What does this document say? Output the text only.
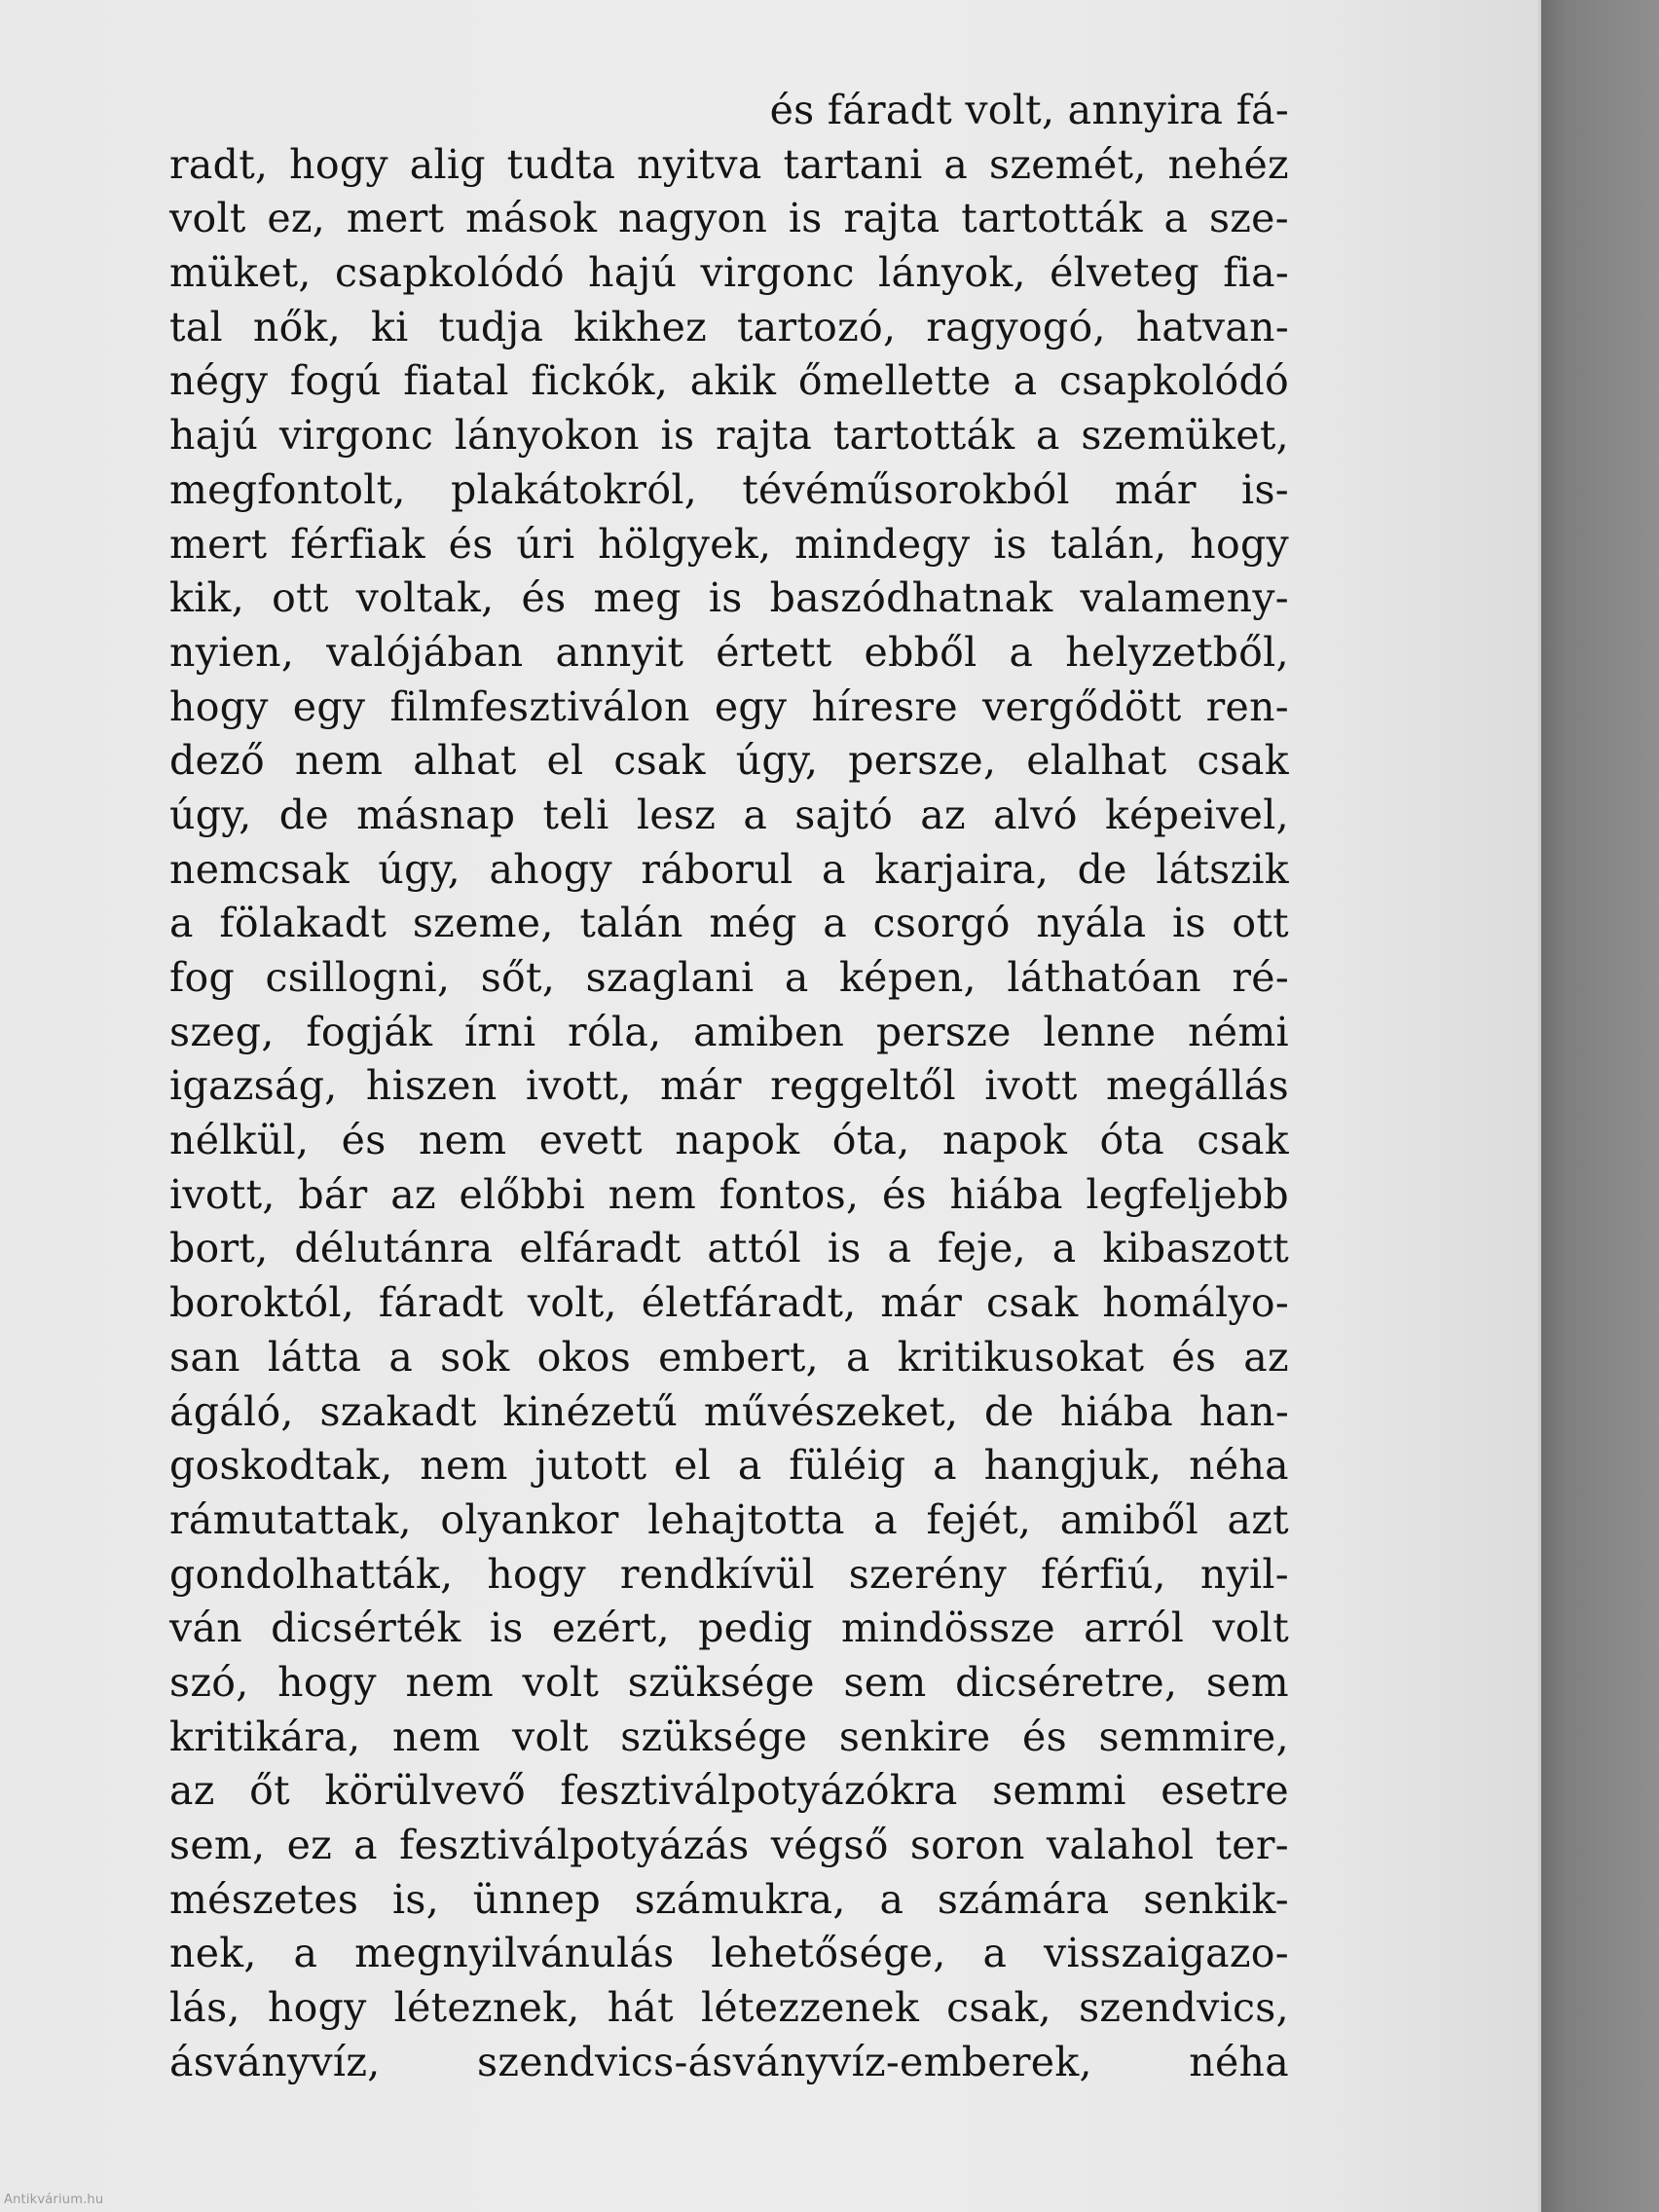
és fáradt volt, annyira fá-
radt, hogy alig tudta nyitva tartani a szemét, nehéz
volt ez, mert mások nagyon is rajta tartották a sze-
müket, csapkolódó hajú virgonc lányok, élveteg fia-
tal nők, ki tudja kikhez tartozó, ragyogó, hatvan-
négy fogú fiatal fickók, akik őmellette a csapkolódó
hajú virgonc lányokon is rajta tartották a szemüket,
megfontolt, plakátokról, tévéműsorokból már is-
mert férfiak és úri hölgyek, mindegy is talán, hogy
kik, ott voltak, és meg is baszódhatnak valameny-
nyien, valójában annyit értett ebből a helyzetből,
hogy egy filmfesztiválon egy híresre vergődött ren-
dező nem alhat el csak úgy, persze, elalhat csak
úgy, de másnap teli lesz a sajtó az alvó képeivel,
nemcsak úgy, ahogy ráborul a karjaira, de látszik
a fölakadt szeme, talán még a csorgó nyála is ott
fog csillogni, sőt, szaglani a képen, láthatóan ré-
szeg, fogják írni róla, amiben persze lenne némi
igazság, hiszen ivott, már reggeltől ivott megállás
nélkül, és nem evett napok óta, napok óta csak
ivott, bár az előbbi nem fontos, és hiába legfeljebb
bort, délutánra elfáradt attól is a feje, a kibaszott
boroktól, fáradt volt, életfáradt, már csak homályo-
san látta a sok okos embert, a kritikusokat és az
ágáló, szakadt kinézetű művészeket, de hiába han-
goskodtak, nem jutott el a füléig a hangjuk, néha
rámutattak, olyankor lehajtotta a fejét, amiből azt
gondolhatták, hogy rendkívül szerény férfiú, nyil-
ván dicsérték is ezért, pedig mindössze arról volt
szó, hogy nem volt szüksége sem dicséretre, sem
kritikára, nem volt szüksége senkire és semmire,
az őt körülvevő fesztiválpotyázókra semmi esetre
sem, ez a fesztiválpotyázás végső soron valahol ter-
mészetes is, ünnep számukra, a számára senkik-
nek, a megnyilvánulás lehetősége, a visszaigazo-
lás, hogy léteznek, hát létezzenek csak, szendvics,
ásványvíz, szendvics-ásványvíz-emberek, néha
Antikvárium.hu
